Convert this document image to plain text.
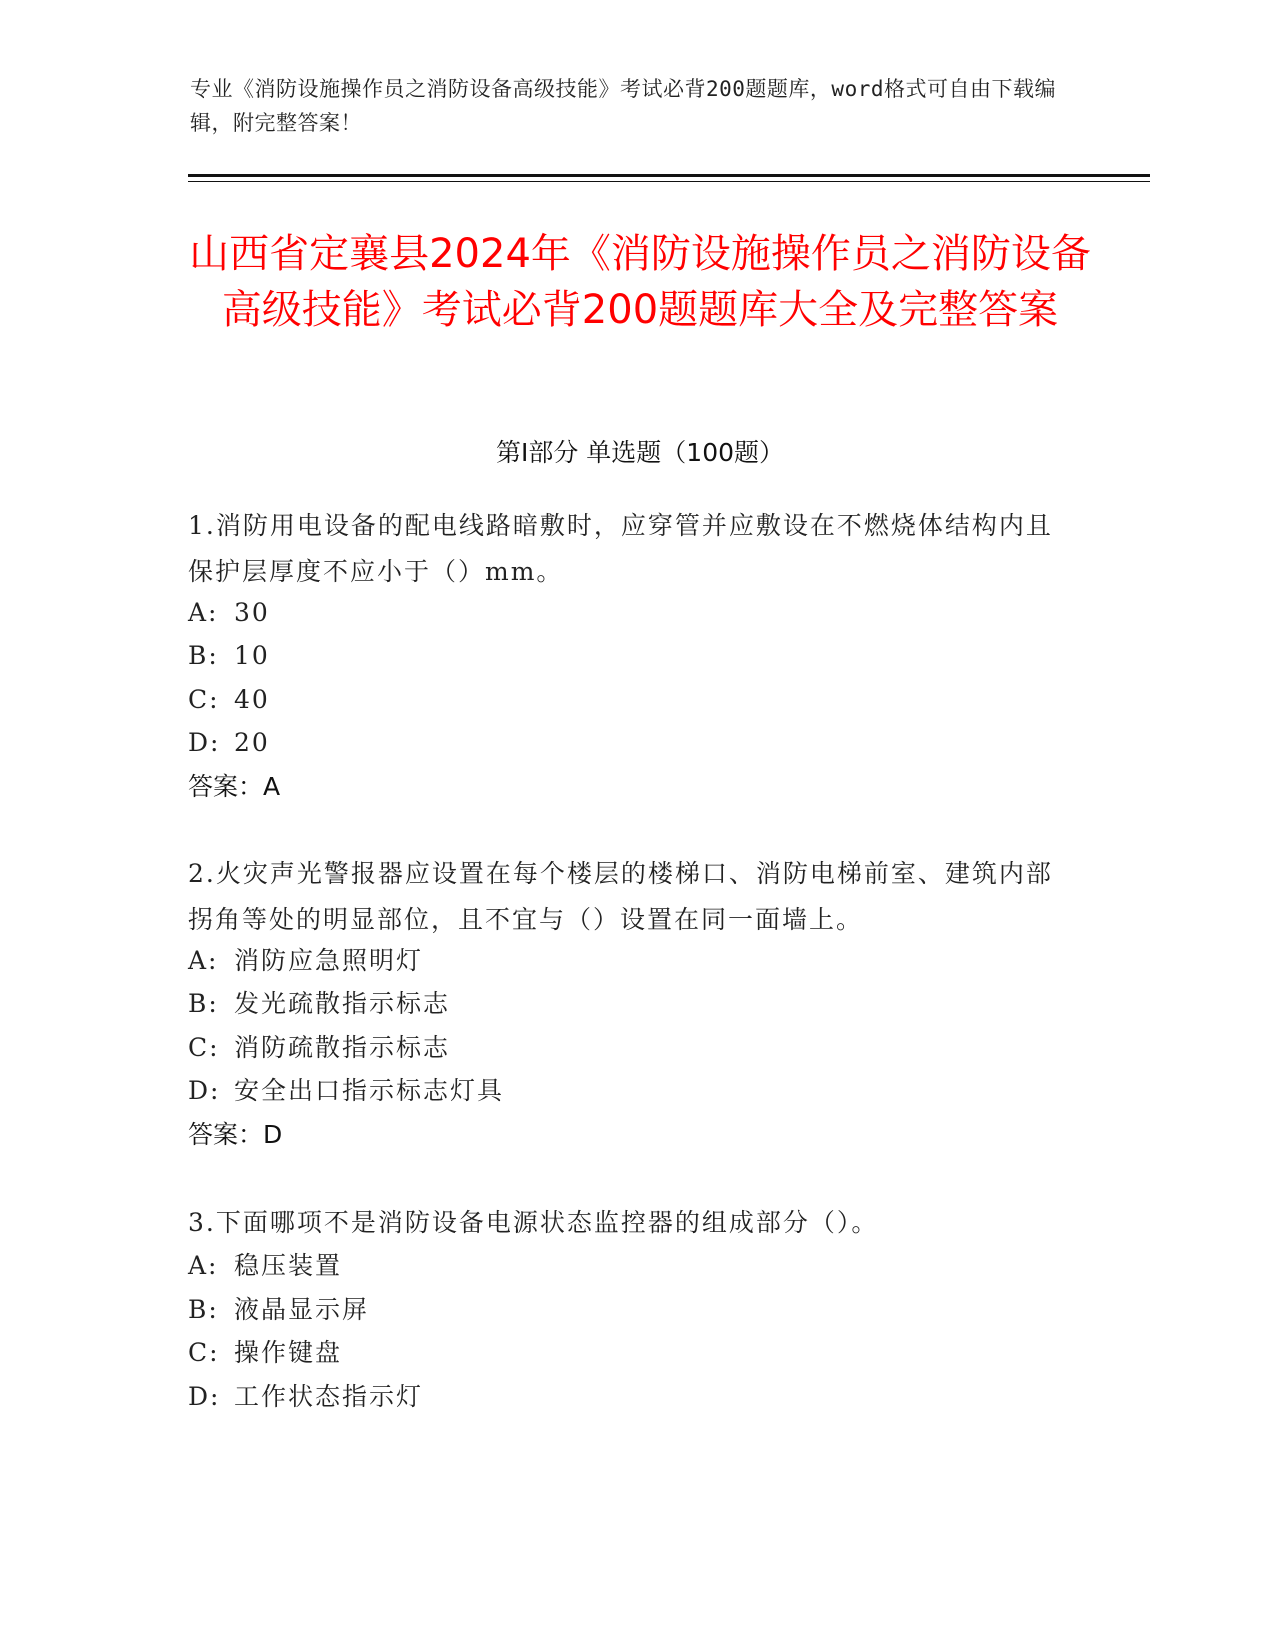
专业《消防设施操作员之消防设备高级技能》考试必背200题题库，word格式可自由下载编辑，附完整答案！
山西省定襄县2024年《消防设施操作员之消防设备高级技能》考试必背200题题库大全及完整答案
第Ⅰ部分 单选题（100题）
1.消防用电设备的配电线路暗敷时，应穿管并应敷设在不燃烧体结构内且保护层厚度不应小于（）mm。
A: 30
B: 10
C: 40
D: 20
答案：A
2.火灾声光警报器应设置在每个楼层的楼梯口、消防电梯前室、建筑内部拐角等处的明显部位，且不宜与（）设置在同一面墙上。
A: 消防应急照明灯
B: 发光疏散指示标志
C: 消防疏散指示标志
D: 安全出口指示标志灯具
答案：D
3.下面哪项不是消防设备电源状态监控器的组成部分（）。
A: 稳压装置
B: 液晶显示屏
C: 操作键盘
D: 工作状态指示灯
